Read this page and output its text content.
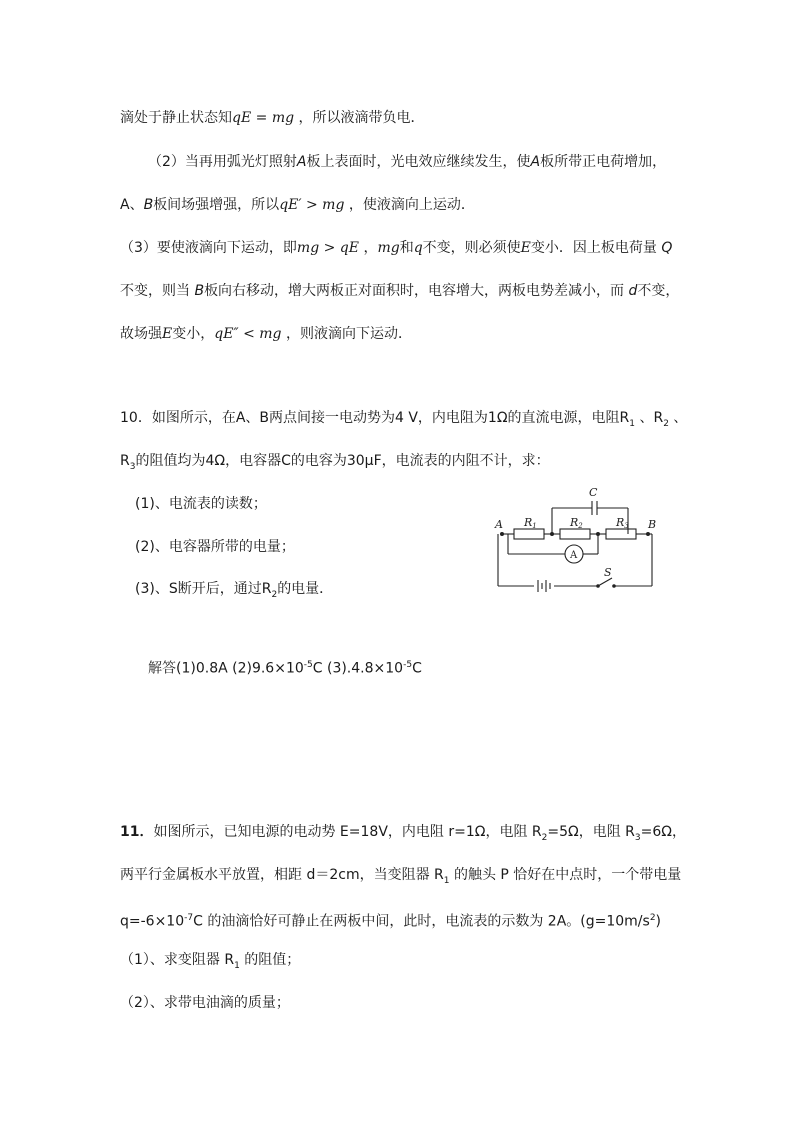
滴处于静止状态知qE = mg ，所以液滴带负电．
（2）当再用弧光灯照射A板上表面时，光电效应继续发生，使A板所带正电荷增加，
A、B板间场强增强，所以qE′ > mg ，使液滴向上运动．
（3）要使液滴向下运动，即mg > qE ，mg和q不变，则必须使E变小．因上板电荷量 Q
不变，则当 B板向右移动，增大两板正对面积时，电容增大，两板电势差减小，而 d不变，
故场强E变小，qE″ < mg ，则液滴向下运动．
10．如图所示，在A、B两点间接一电动势为4 V，内电阻为1Ω的直流电源，电阻$R_1$ 、$R_2$ 、
$R_3$的阻值均为4Ω，电容器C的电容为30μF，电流表的内阻不计，求：
(1)、电流表的读数；
(2)、电容器所带的电量；
(3)、S断开后，通过$R_2$的电量．
C
A	B
R1	R2	R3
A
S
解答(1)0.8A $(2)9.6\times 10^{-5}C$ $(3).4.8\times 10^{-5}C$
11．如图所示，已知电源的电动势 E=18V，内电阻 r=1Ω，电阻 $R_2=5\Omega$，电阻 $R_3=6\Omega$，
两平行金属板水平放置，相距 d＝2cm，当变阻器 $R_1$ 的触头 P 恰好在中点时，一个带电量
$q=-6\times 10^{-7}C$ 的油滴恰好可静止在两板中间，此时，电流表的示数为 2A。$(g=10m/s^2)$
（1）、求变阻器 $R_1$ 的阻值；
（2）、求带电油滴的质量；
